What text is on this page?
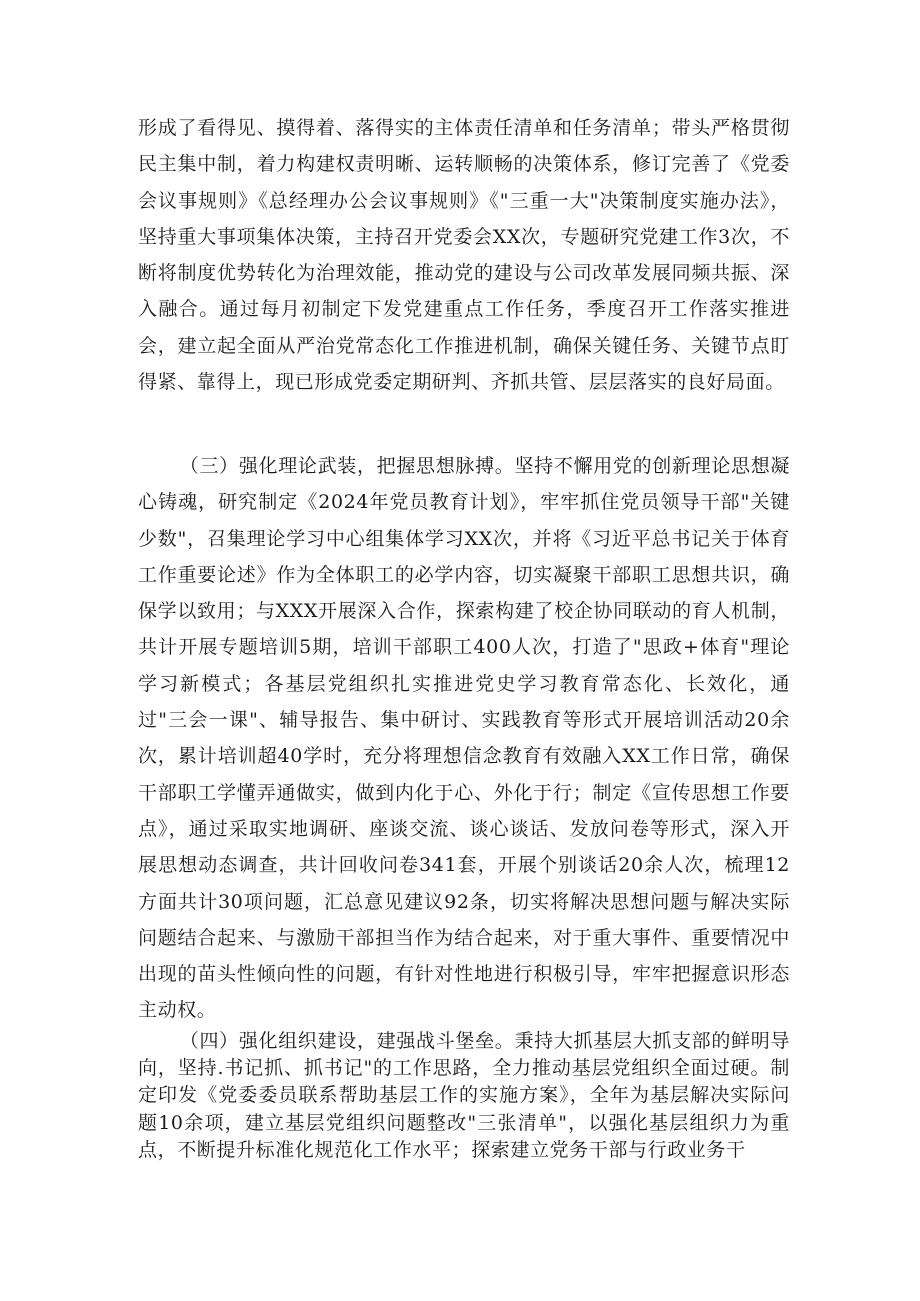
形成了看得见、摸得着、落得实的主体责任清单和任务清单；带头严格贯彻民主集中制，着力构建权责明晰、运转顺畅的决策体系，修订完善了《党委会议事规则》《总经理办公会议事规则》《"三重一大"决策制度实施办法》，坚持重大事项集体决策，主持召开党委会XX次，专题研究党建工作3次，不断将制度优势转化为治理效能，推动党的建设与公司改革发展同频共振、深入融合。通过每月初制定下发党建重点工作任务，季度召开工作落实推进会，建立起全面从严治党常态化工作推进机制，确保关键任务、关键节点盯得紧、靠得上，现已形成党委定期研判、齐抓共管、层层落实的良好局面。

（三）强化理论武装，把握思想脉搏。坚持不懈用党的创新理论思想凝心铸魂，研究制定《2024年党员教育计划》，牢牢抓住党员领导干部"关键少数"，召集理论学习中心组集体学习XX次，并将《习近平总书记关于体育工作重要论述》作为全体职工的必学内容，切实凝聚干部职工思想共识，确保学以致用；与XXX开展深入合作，探索构建了校企协同联动的育人机制，共计开展专题培训5期，培训干部职工400人次，打造了"思政+体育"理论学习新模式；各基层党组织扎实推进党史学习教育常态化、长效化，通过"三会一课"、辅导报告、集中研讨、实践教育等形式开展培训活动20余次，累计培训超40学时，充分将理想信念教育有效融入XX工作日常，确保干部职工学懂弄通做实，做到内化于心、外化于行；制定《宣传思想工作要点》，通过采取实地调研、座谈交流、谈心谈话、发放问卷等形式，深入开展思想动态调查，共计回收问卷341套，开展个别谈话20余人次，梳理12方面共计30项问题，汇总意见建议92条，切实将解决思想问题与解决实际问题结合起来、与激励干部担当作为结合起来，对于重大事件、重要情况中出现的苗头性倾向性的问题，有针对性地进行积极引导，牢牢把握意识形态主动权。

（四）强化组织建设，建强战斗堡垒。秉持大抓基层大抓支部的鲜明导向，坚持.书记抓、抓书记"的工作思路，全力推动基层党组织全面过硬。制定印发《党委委员联系帮助基层工作的实施方案》，全年为基层解决实际问题10余项，建立基层党组织问题整改"三张清单"，以强化基层组织力为重点，不断提升标准化规范化工作水平；探索建立党务干部与行政业务干
